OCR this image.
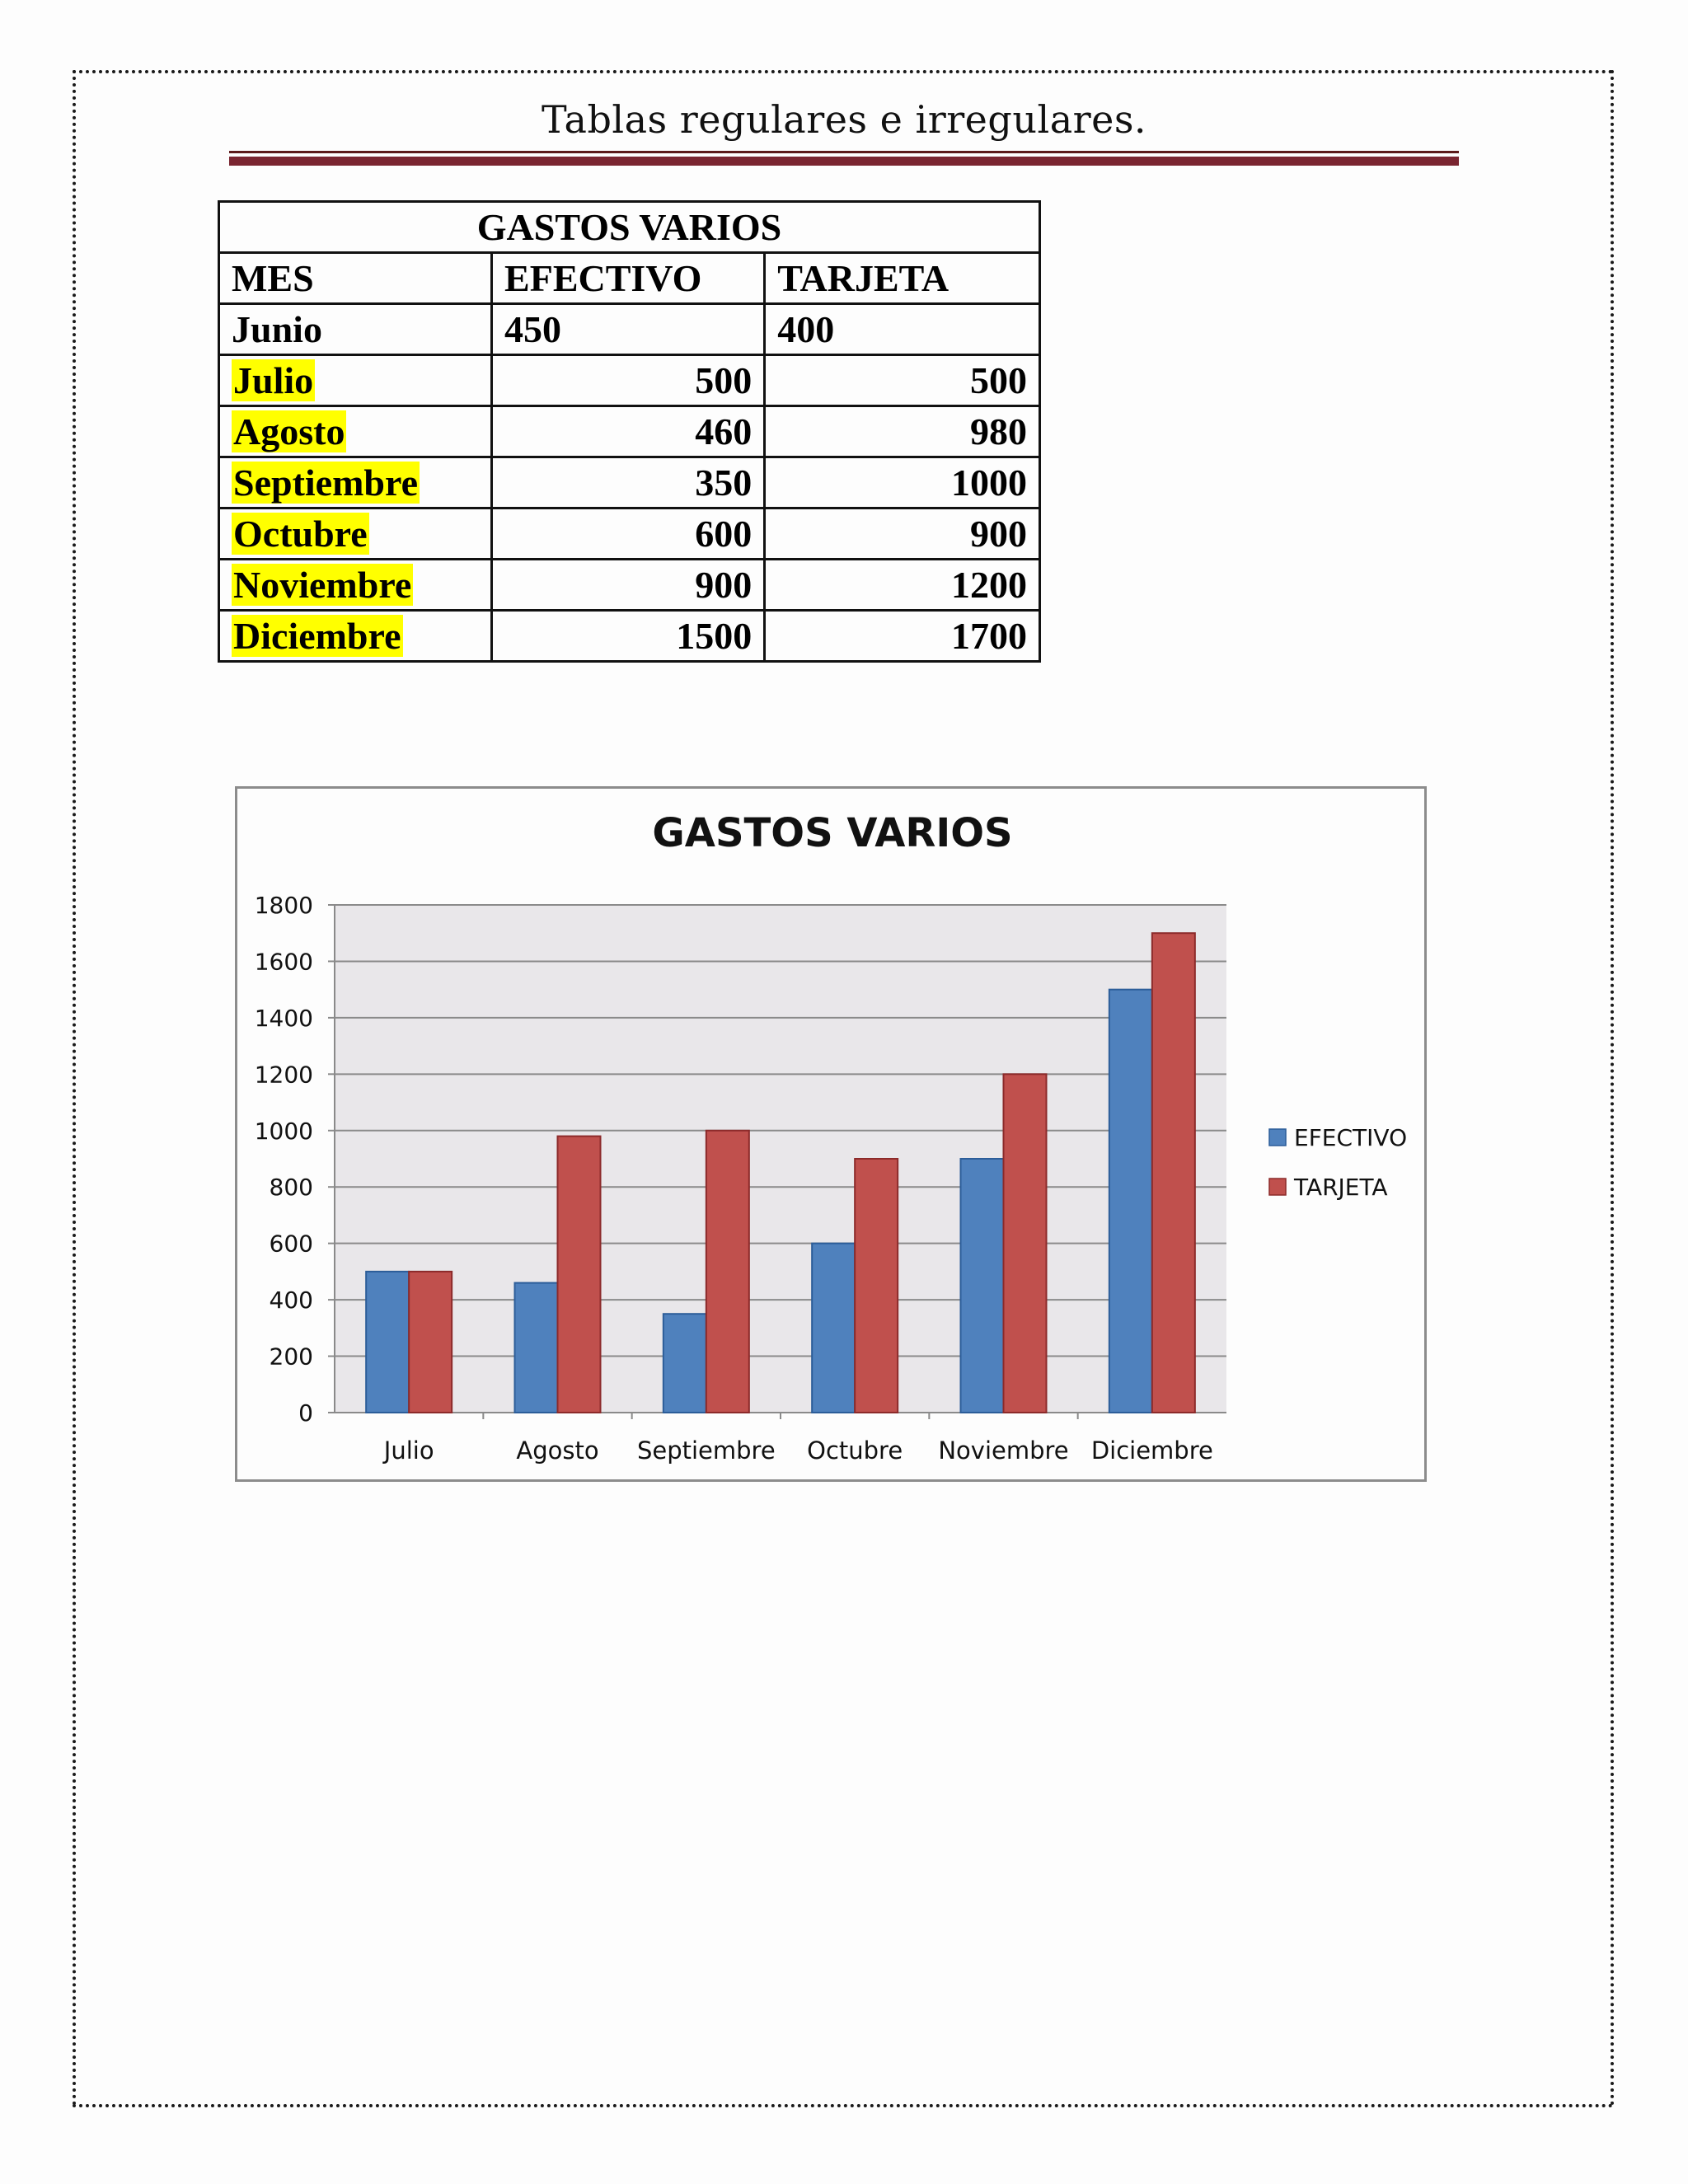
Tablas regulares e irregulares.
GASTOS VARIOS		
MES	EFECTIVO	TARJETA
Junio	450	400
Julio	500	500
Agosto	460	980
Septiembre	350	1000
Octubre	600	900
Noviembre	900	1200
Diciembre	1500	1700
GASTOS VARIOS
0
200
400
600
800
1000
1200
1400
1600
1800
Julio	Agosto Septiembre Octubre Noviembre Diciembre
EFECTIVO
TARJETA
